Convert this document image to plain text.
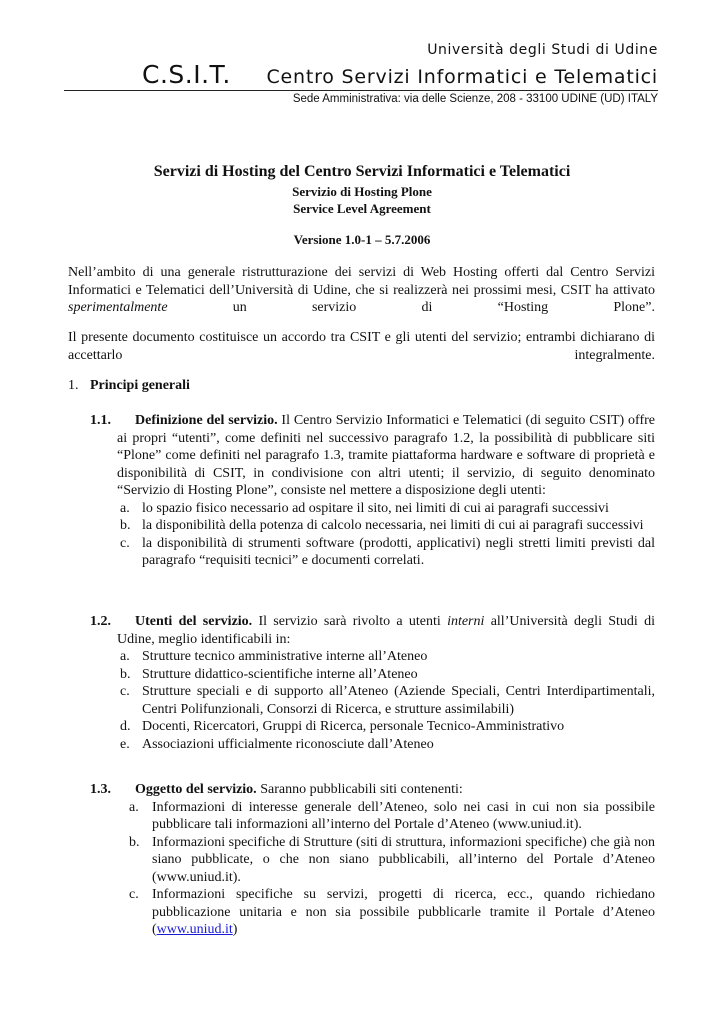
Università degli Studi di Udine
C.S.I.T. Centro Servizi Informatici e Telematici
Sede Amministrativa: via delle Scienze, 208 - 33100 UDINE (UD) ITALY
Servizi di Hosting del Centro Servizi Informatici e Telematici
Servizio di Hosting Plone
Service Level Agreement
Versione 1.0-1 – 5.7.2006
Nell’ambito di una generale ristrutturazione dei servizi di Web Hosting offerti dal Centro Servizi Informatici e Telematici dell’Università di Udine, che si realizzerà nei prossimi mesi, CSIT ha attivato sperimentalmente un servizio di “Hosting Plone”.
Il presente documento costituisce un accordo tra CSIT e gli utenti del servizio; entrambi dichiarano di accettarlo integralmente.
1. Principi generali
1.1.	Definizione del servizio. Il Centro Servizio Informatici e Telematici (di seguito CSIT) offre ai propri “utenti”, come definiti nel successivo paragrafo 1.2, la possibilità di pubblicare siti “Plone” come definiti nel paragrafo 1.3, tramite piattaforma hardware e software di proprietà e disponibilità di CSIT, in condivisione con altri utenti; il servizio, di seguito denominato “Servizio di Hosting Plone”, consiste nel mettere a disposizione degli utenti:

a. lo spazio fisico necessario ad ospitare il sito, nei limiti di cui ai paragrafi successivi
b. la disponibilità della potenza di calcolo necessaria, nei limiti di cui ai paragrafi successivi
c. la disponibilità di strumenti software (prodotti, applicativi) negli stretti limiti previsti dal paragrafo “requisiti tecnici” e documenti correlati.
1.2.	Utenti del servizio. Il servizio sarà rivolto a utenti interni all’Università degli Studi di Udine, meglio identificabili in:

a. Strutture tecnico amministrative interne all’Ateneo
b. Strutture didattico-scientifiche interne all’Ateneo
c. Strutture speciali e di supporto all’Ateneo (Aziende Speciali, Centri Interdipartimentali, Centri Polifunzionali, Consorzi di Ricerca, e strutture assimilabili)
d. Docenti, Ricercatori, Gruppi di Ricerca, personale Tecnico-Amministrativo
e. Associazioni ufficialmente riconosciute dall’Ateneo
1.3.	Oggetto del servizio. Saranno pubblicabili siti contenenti:

a. Informazioni di interesse generale dell’Ateneo, solo nei casi in cui non sia possibile pubblicare tali informazioni all’interno del Portale d’Ateneo (www.uniud.it).
b. Informazioni specifiche di Strutture (siti di struttura, informazioni specifiche) che già non siano pubblicate, o che non siano pubblicabili, all’interno del Portale d’Ateneo (www.uniud.it).
c. Informazioni specifiche su servizi, progetti di ricerca, ecc., quando richiedano pubblicazione unitaria e non sia possibile pubblicarle tramite il Portale d’Ateneo (www.uniud.it)
